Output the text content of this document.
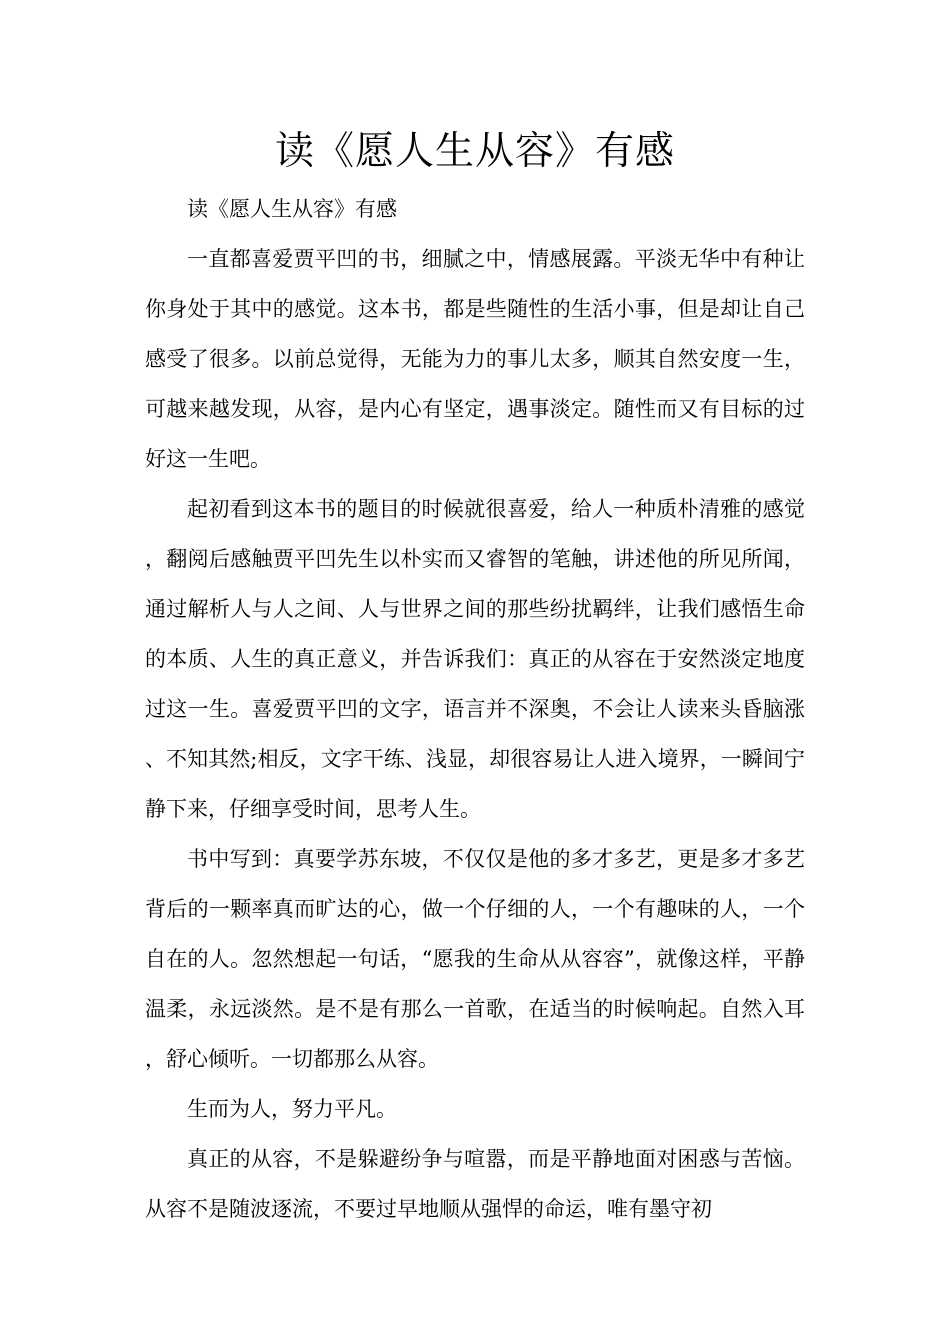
读《愿人生从容》有感

读《愿人生从容》有感

一直都喜爱贾平凹的书，细腻之中，情感展露。平淡无华中有种让你身处于其中的感觉。这本书，都是些随性的生活小事，但是却让自己感受了很多。以前总觉得，无能为力的事儿太多，顺其自然安度一生，可越来越发现，从容，是内心有坚定，遇事淡定。随性而又有目标的过好这一生吧。

起初看到这本书的题目的时候就很喜爱，给人一种质朴清雅的感觉，翻阅后感触贾平凹先生以朴实而又睿智的笔触，讲述他的所见所闻，通过解析人与人之间、人与世界之间的那些纷扰羁绊，让我们感悟生命的本质、人生的真正意义，并告诉我们：真正的从容在于安然淡定地度过这一生。喜爱贾平凹的文字，语言并不深奥，不会让人读来头昏脑涨、不知其然;相反，文字干练、浅显，却很容易让人进入境界，一瞬间宁静下来，仔细享受时间，思考人生。

书中写到：真要学苏东坡，不仅仅是他的多才多艺，更是多才多艺背后的一颗率真而旷达的心，做一个仔细的人，一个有趣味的人，一个自在的人。忽然想起一句话，“愿我的生命从从容容”，就像这样，平静温柔，永远淡然。是不是有那么一首歌，在适当的时候响起。自然入耳，舒心倾听。一切都那么从容。

生而为人，努力平凡。

真正的从容，不是躲避纷争与喧嚣，而是平静地面对困惑与苦恼。从容不是随波逐流，不要过早地顺从强悍的命运，唯有墨守初
